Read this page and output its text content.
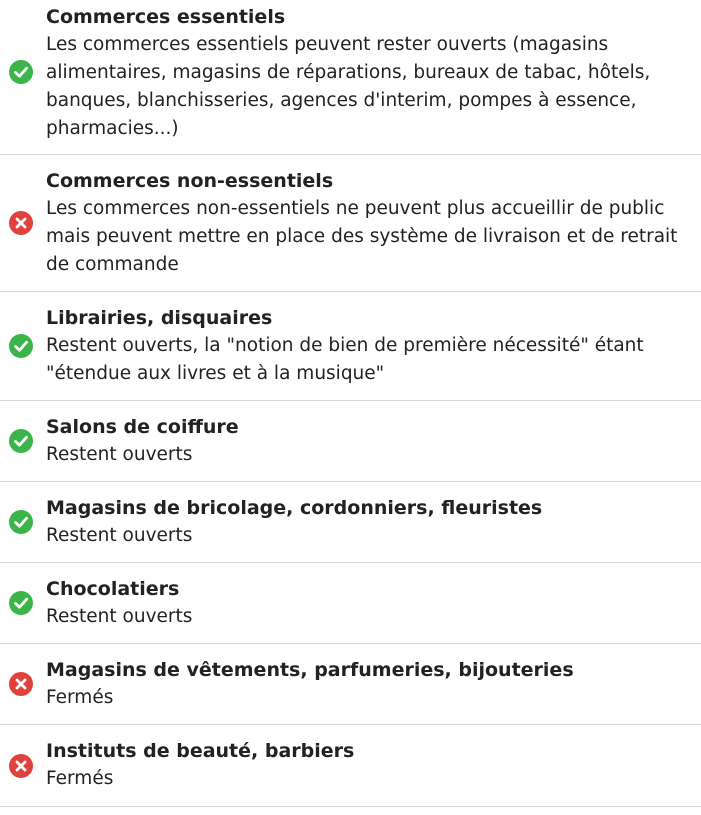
Commerces essentiels
Les commerces essentiels peuvent rester ouverts (magasins alimentaires, magasins de réparations, bureaux de tabac, hôtels, banques, blanchisseries, agences d'interim, pompes à essence, pharmacies...)
Commerces non-essentiels
Les commerces non-essentiels ne peuvent plus accueillir de public mais peuvent mettre en place des système de livraison et de retrait de commande
Librairies, disquaires
Restent ouverts, la "notion de bien de première nécessité" étant "étendue aux livres et à la musique"
Salons de coiffure
Restent ouverts
Magasins de bricolage, cordonniers, fleuristes
Restent ouverts
Chocolatiers
Restent ouverts
Magasins de vêtements, parfumeries, bijouteries
Fermés
Instituts de beauté, barbiers
Fermés
